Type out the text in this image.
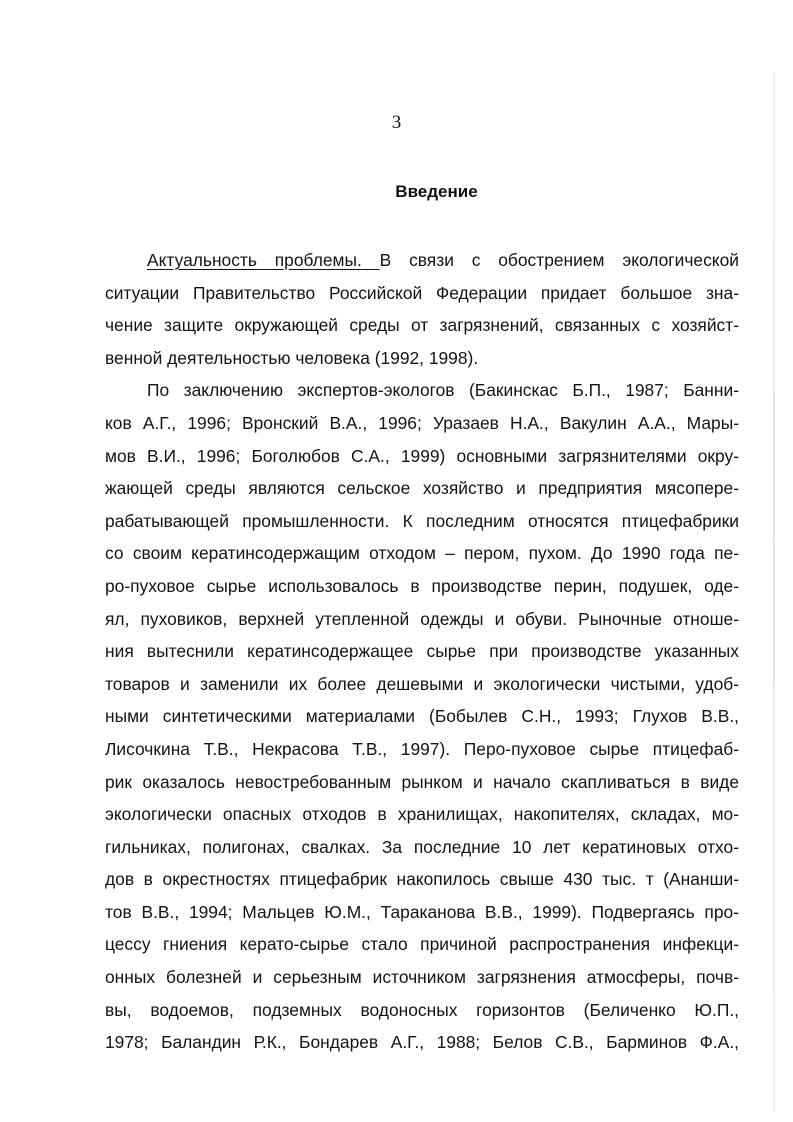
3
Введение
Актуальность проблемы. В связи с обострением экологической
ситуации Правительство Российской Федерации придает большое зна-
чение защите окружающей среды от загрязнений, связанных с хозяйст-
венной деятельностью человека (1992, 1998).
По заключению экспертов-экологов (Бакинскас Б.П., 1987; Банни-
ков А.Г., 1996; Вронский В.А., 1996; Уразаев Н.А., Вакулин А.А., Мары-
мов В.И., 1996; Боголюбов С.А., 1999) основными загрязнителями окру-
жающей среды являются сельское хозяйство и предприятия мясопере-
рабатывающей промышленности. К последним относятся птицефабрики
со своим кератинсодержащим отходом – пером, пухом. До 1990 года пе-
ро-пуховое сырье использовалось в производстве перин, подушек, оде-
ял, пуховиков, верхней утепленной одежды и обуви. Рыночные отноше-
ния вытеснили кератинсодержащее сырье при производстве указанных
товаров и заменили их более дешевыми и экологически чистыми, удоб-
ными синтетическими материалами (Бобылев С.Н., 1993; Глухов В.В.,
Лисочкина Т.В., Некрасова Т.В., 1997). Перо-пуховое сырье птицефаб-
рик оказалось невостребованным рынком и начало скапливаться в виде
экологически опасных отходов в хранилищах, накопителях, складах, мо-
гильниках, полигонах, свалках. За последние 10 лет кератиновых отхо-
дов в окрестностях птицефабрик накопилось свыше 430 тыс. т (Ананши-
тов В.В., 1994; Мальцев Ю.М., Тараканова В.В., 1999). Подвергаясь про-
цессу гниения керато-сырье стало причиной распространения инфекци-
онных болезней и серьезным источником загрязнения атмосферы, почв-
вы, водоемов, подземных водоносных горизонтов (Беличенко Ю.П.,
1978; Баландин Р.К., Бондарев А.Г., 1988; Белов С.В., Барминов Ф.А.,
